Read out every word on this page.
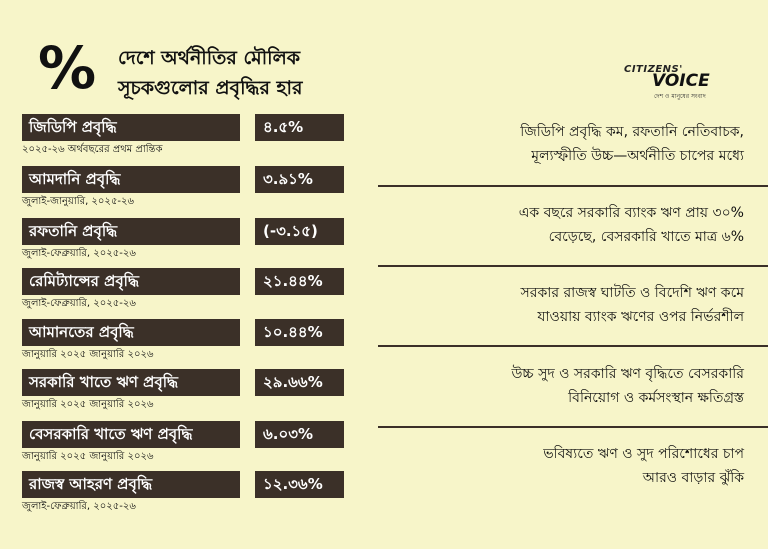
% দেশে অর্থনীতির মৌলিক
সূচকগুলোর প্রবৃদ্ধির হার
CITIZENS'
VOICE
দেশ ও মানুষের সংবাদ
জিডিপি প্রবৃদ্ধি	৪.৫%
২০২৫-২৬ অর্থবছরের প্রথম প্রান্তিক
আমদানি প্রবৃদ্ধি	৩.৯১%
জুলাই-জানুয়ারি, ২০২৫-২৬
রফতানি প্রবৃদ্ধি	(-৩.১৫)
জুলাই-ফেব্রুয়ারি, ২০২৫-২৬
রেমিট্যান্সের প্রবৃদ্ধি	২১.৪৪%
জুলাই-ফেব্রুয়ারি, ২০২৫-২৬
আমানতের প্রবৃদ্ধি	১০.৪৪%
জানুয়ারি ২০২৫ জানুয়ারি ২০২৬
সরকারি খাতে ঋণ প্রবৃদ্ধি	২৯.৬৬%
জানুয়ারি ২০২৫ জানুয়ারি ২০২৬
বেসরকারি খাতে ঋণ প্রবৃদ্ধি	৬.০৩%
জানুয়ারি ২০২৫ জানুয়ারি ২০২৬
রাজস্ব আহরণ প্রবৃদ্ধি	১২.৩৬%
জুলাই-ফেব্রুয়ারি, ২০২৫-২৬
জিডিপি প্রবৃদ্ধি কম, রফতানি নেতিবাচক,
মূল্যস্ফীতি উচ্চ—অর্থনীতি চাপের মধ্যে
এক বছরে সরকারি ব্যাংক ঋণ প্রায় ৩০%
বেড়েছে, বেসরকারি খাতে মাত্র ৬%
সরকার রাজস্ব ঘাটতি ও বিদেশি ঋণ কমে
যাওয়ায় ব্যাংক ঋণের ওপর নির্ভরশীল
উচ্চ সুদ ও সরকারি ঋণ বৃদ্ধিতে বেসরকারি
বিনিয়োগ ও কর্মসংস্থান ক্ষতিগ্রস্ত
ভবিষ্যতে ঋণ ও সুদ পরিশোধের চাপ
আরও বাড়ার ঝুঁকি
